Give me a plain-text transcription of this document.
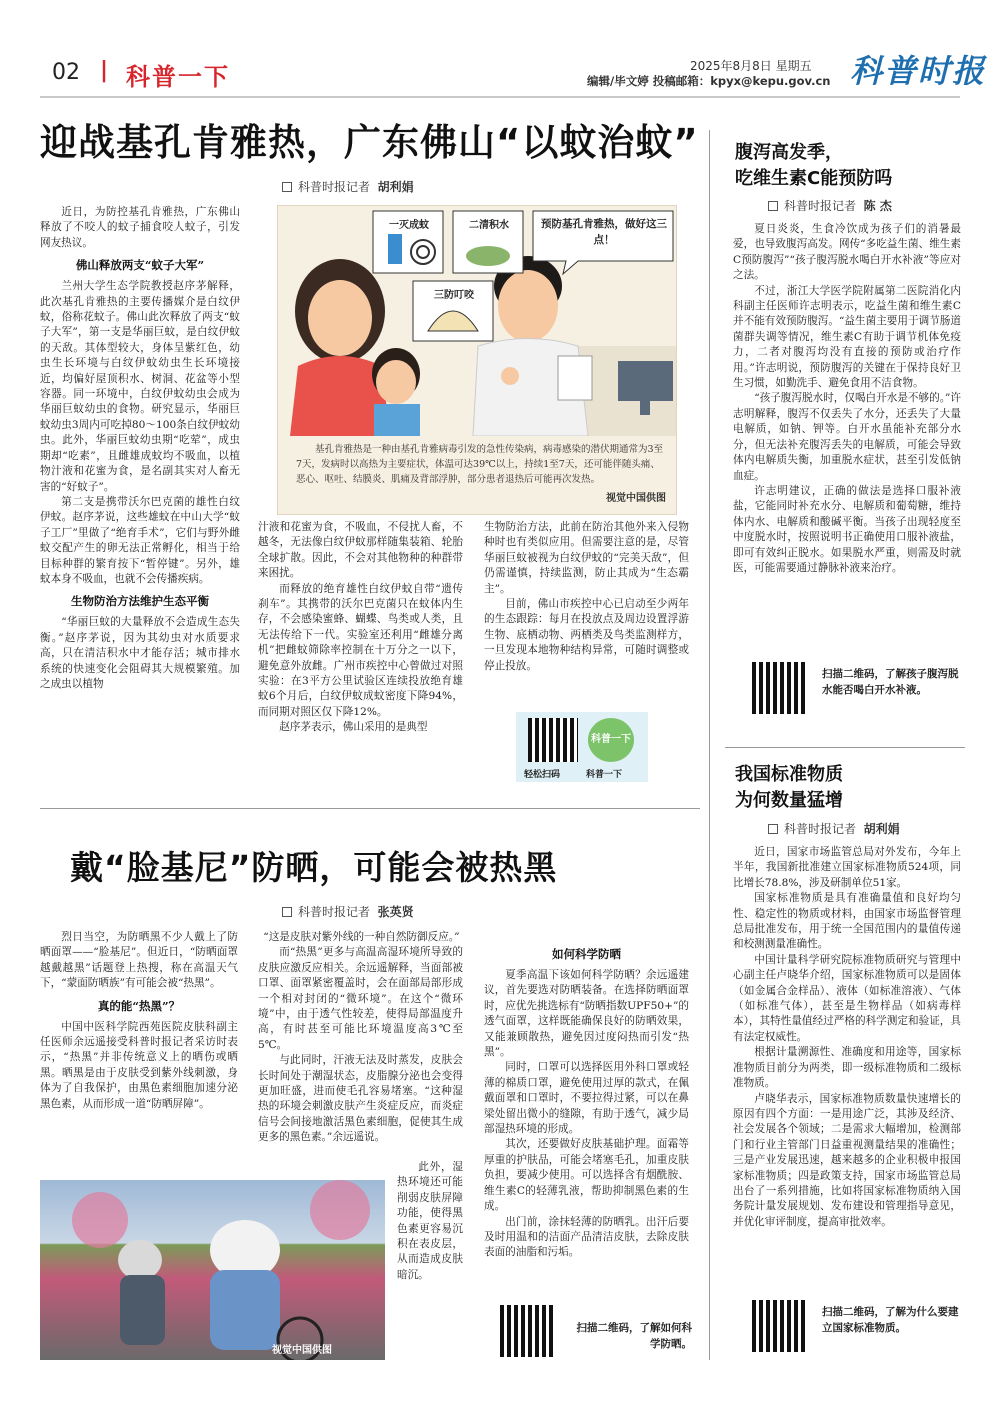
02 | 科普一下	2025年8月8日 星期五
编辑/毕文婷 投稿邮箱：kpyx@kepu.gov.cn 科普时报
迎战基孔肯雅热，广东佛山“以蚊治蚊”
科普时报记者 胡利娟

近日，为防控基孔肯雅热，广东佛山释放了不咬人的蚊子捕食咬人蚊子，引发网友热议。

佛山释放两支“蚊子大军”

兰州大学生态学院教授赵序茅解释，此次基孔肯雅热的主要传播媒介是白纹伊蚊，俗称花蚊子。佛山此次释放了两支“蚊子大军”，第一支是华丽巨蚊，是白纹伊蚊的天敌。其体型较大，身体呈紫红色，幼虫生长环境与白纹伊蚊幼虫生长环境接近，均偏好屋顶积水、树洞、花盆等小型容器。同一环境中，白纹伊蚊幼虫会成为华丽巨蚊幼虫的食物。研究显示，华丽巨蚊幼虫3周内可吃掉80～100条白纹伊蚊幼虫。此外，华丽巨蚊幼虫期“吃荤”，成虫期却“吃素”，且雌雄成蚊均不吸血，以植物汁液和花蜜为食，是名副其实对人畜无害的“好蚊子”。

第二支是携带沃尔巴克菌的雄性白纹伊蚊。赵序茅说，这些雄蚊在中山大学“蚊子工厂”里做了“绝育手术”，它们与野外雌蚊交配产生的卵无法正常孵化，相当于给目标种群的繁育按下“暂停键”。另外，雄蚊本身不吸血，也就不会传播疾病。

生物防治方法维护生态平衡

“华丽巨蚊的大量释放不会造成生态失衡。”赵序茅说，因为其幼虫对水质要求高，只在清洁积水中才能存活；城市排水系统的快速变化会阻碍其大规模繁殖。加之成虫以植物

一灭成蚊	二清积水
三防叮咬
预防基孔肯雅热，做好这三点！
基孔肯雅热是一种由基孔肯雅病毒引发的急性传染病，病毒感染的潜伏期通常为3至7天，发病时以高热为主要症状，体温可达39℃以上，持续1至7天，还可能伴随头痛、恶心、呕吐、结膜炎、肌痛及背部浮肿，部分患者退热后可能再次发热。
视觉中国供图

汁液和花蜜为食，不吸血，不侵扰人畜，不越冬，无法像白纹伊蚊那样随集装箱、轮胎全球扩散。因此，不会对其他物种的种群带来困扰。

而释放的绝育雄性白纹伊蚊自带“遗传刹车”。其携带的沃尔巴克菌只在蚊体内生存，不会感染蜜蜂、蝴蝶、鸟类或人类，且无法传给下一代。实验室还利用“雌雄分离机”把雌蚊筛除率控制在十万分之一以下，避免意外放雌。广州市疾控中心曾做过对照实验：在3平方公里试验区连续投放绝育雄蚊6个月后，白纹伊蚊成蚊密度下降94%，而同期对照区仅下降12%。

赵序茅表示，佛山采用的是典型

生物防治方法，此前在防治其他外来入侵物种时也有类似应用。但需要注意的是，尽管华丽巨蚊被视为白纹伊蚊的“完美天敌”，但仍需谨慎，持续监测，防止其成为“生态霸主”。

目前，佛山市疾控中心已启动至少两年的生态跟踪：每月在投放点及周边设置浮游生物、底栖动物、两栖类及鸟类监测样方，一旦发现本地物种结构异常，可随时调整或停止投放。

科普一下
轻松扫码	科普一下
腹泻高发季，
吃维生素C能预防吗
科普时报记者 陈 杰

夏日炎炎，生食冷饮成为孩子们的消暑最爱，也导致腹泻高发。网传“多吃益生菌、维生素C预防腹泻”“孩子腹泻脱水喝白开水补液”等应对之法。

不过，浙江大学医学院附属第二医院消化内科副主任医师许志明表示，吃益生菌和维生素C并不能有效预防腹泻。“益生菌主要用于调节肠道菌群失调等情况，维生素C有助于调节机体免疫力，二者对腹泻均没有直接的预防或治疗作用。”许志明说，预防腹泻的关键在于保持良好卫生习惯，如勤洗手、避免食用不洁食物。

“孩子腹泻脱水时，仅喝白开水是不够的。”许志明解释，腹泻不仅丢失了水分，还丢失了大量电解质，如钠、钾等。白开水虽能补充部分水分，但无法补充腹泻丢失的电解质，可能会导致体内电解质失衡，加重脱水症状，甚至引发低钠血症。

许志明建议，正确的做法是选择口服补液盐，它能同时补充水分、电解质和葡萄糖，维持体内水、电解质和酸碱平衡。当孩子出现轻度至中度脱水时，按照说明书正确使用口服补液盐，即可有效纠正脱水。如果脱水严重，则需及时就医，可能需要通过静脉补液来治疗。

扫描二维码，了解孩子腹泻脱水能否喝白开水补液。
我国标准物质
为何数量猛增
科普时报记者 胡利娟

近日，国家市场监管总局对外发布，今年上半年，我国新批准建立国家标准物质524项，同比增长78.8%，涉及研制单位51家。

国家标准物质是具有准确量值和良好均匀性、稳定性的物质或材料，由国家市场监督管理总局批准发布，用于统一全国范围内的量值传递和校测测量准确性。

中国计量科学研究院标准物质研究与管理中心副主任卢晓华介绍，国家标准物质可以是固体（如金属合金样品）、液体（如标准溶液）、气体（如标准气体），甚至是生物样品（如病毒样本），其特性量值经过严格的科学测定和验证，具有法定权威性。

根据计量溯源性、准确度和用途等，国家标准物质目前分为两类，即一级标准物质和二级标准物质。

卢晓华表示，国家标准物质数量快速增长的原因有四个方面：一是用途广泛，其涉及经济、社会发展各个领域；二是需求大幅增加，检测部门和行业主管部门日益重视测量结果的准确性；三是产业发展迅速，越来越多的企业积极申报国家标准物质；四是政策支持，国家市场监管总局出台了一系列措施，比如将国家标准物质纳入国务院计量发展规划、发布建设和管理指导意见，并优化审评制度，提高审批效率。

扫描二维码，了解为什么要建立国家标准物质。
戴“脸基尼”防晒，可能会被热黑
科普时报记者 张英贤

烈日当空，为防晒黑不少人戴上了防晒面罩——“脸基尼”。但近日，“防晒面罩越戴越黑”话题登上热搜，称在高温天气下，“蒙面防晒族”有可能会被“热黑”。

真的能“热黑”？

中国中医科学院西苑医院皮肤科副主任医师余远遥接受科普时报记者采访时表示，“热黑”并非传统意义上的晒伤或晒黑。晒黑是由于皮肤受到紫外线刺激，身体为了自我保护，由黑色素细胞加速分泌黑色素，从而形成一道“防晒屏障”。

“这是皮肤对紫外线的一种自然防御反应。”

而“热黑”更多与高温高湿环境所导致的皮肤应激反应相关。余远遥解释，当面部被口罩、面罩紧密覆盖时，会在面部局部形成一个相对封闭的“微环境”。在这个“微环境”中，由于透气性较差，使得局部温度升高，有时甚至可能比环境温度高3℃至5℃。

与此同时，汗液无法及时蒸发，皮肤会长时间处于潮湿状态，皮脂腺分泌也会变得更加旺盛，进而使毛孔容易堵塞。“这种湿热的环境会刺激皮肤产生炎症反应，而炎症信号会间接地激活黑色素细胞，促使其生成更多的黑色素。”余远遥说。

视觉中国供图

此外，湿热环境还可能削弱皮肤屏障功能，使得黑色素更容易沉积在表皮层，从而造成皮肤暗沉。

如何科学防晒

夏季高温下该如何科学防晒？余远遥建议，首先要选对防晒装备。在选择防晒面罩时，应优先挑选标有“防晒指数UPF50+”的透气面罩，这样既能确保良好的防晒效果，又能兼顾散热，避免因过度闷热而引发“热黑”。

同时，口罩可以选择医用外科口罩或轻薄的棉质口罩，避免使用过厚的款式，在佩戴面罩和口罩时，不要拉得过紧，可以在鼻梁处留出微小的缝隙，有助于透气，减少局部湿热环境的形成。

其次，还要做好皮肤基础护理。面霜等厚重的护肤品，可能会堵塞毛孔，加重皮肤负担，要减少使用。可以选择含有烟酰胺、维生素C的轻薄乳液，帮助抑制黑色素的生成。

出门前，涂抹轻薄的防晒乳。出汗后要及时用温和的洁面产品清洁皮肤，去除皮肤表面的油脂和污垢。

扫描二维码，了解如何科学防晒。
